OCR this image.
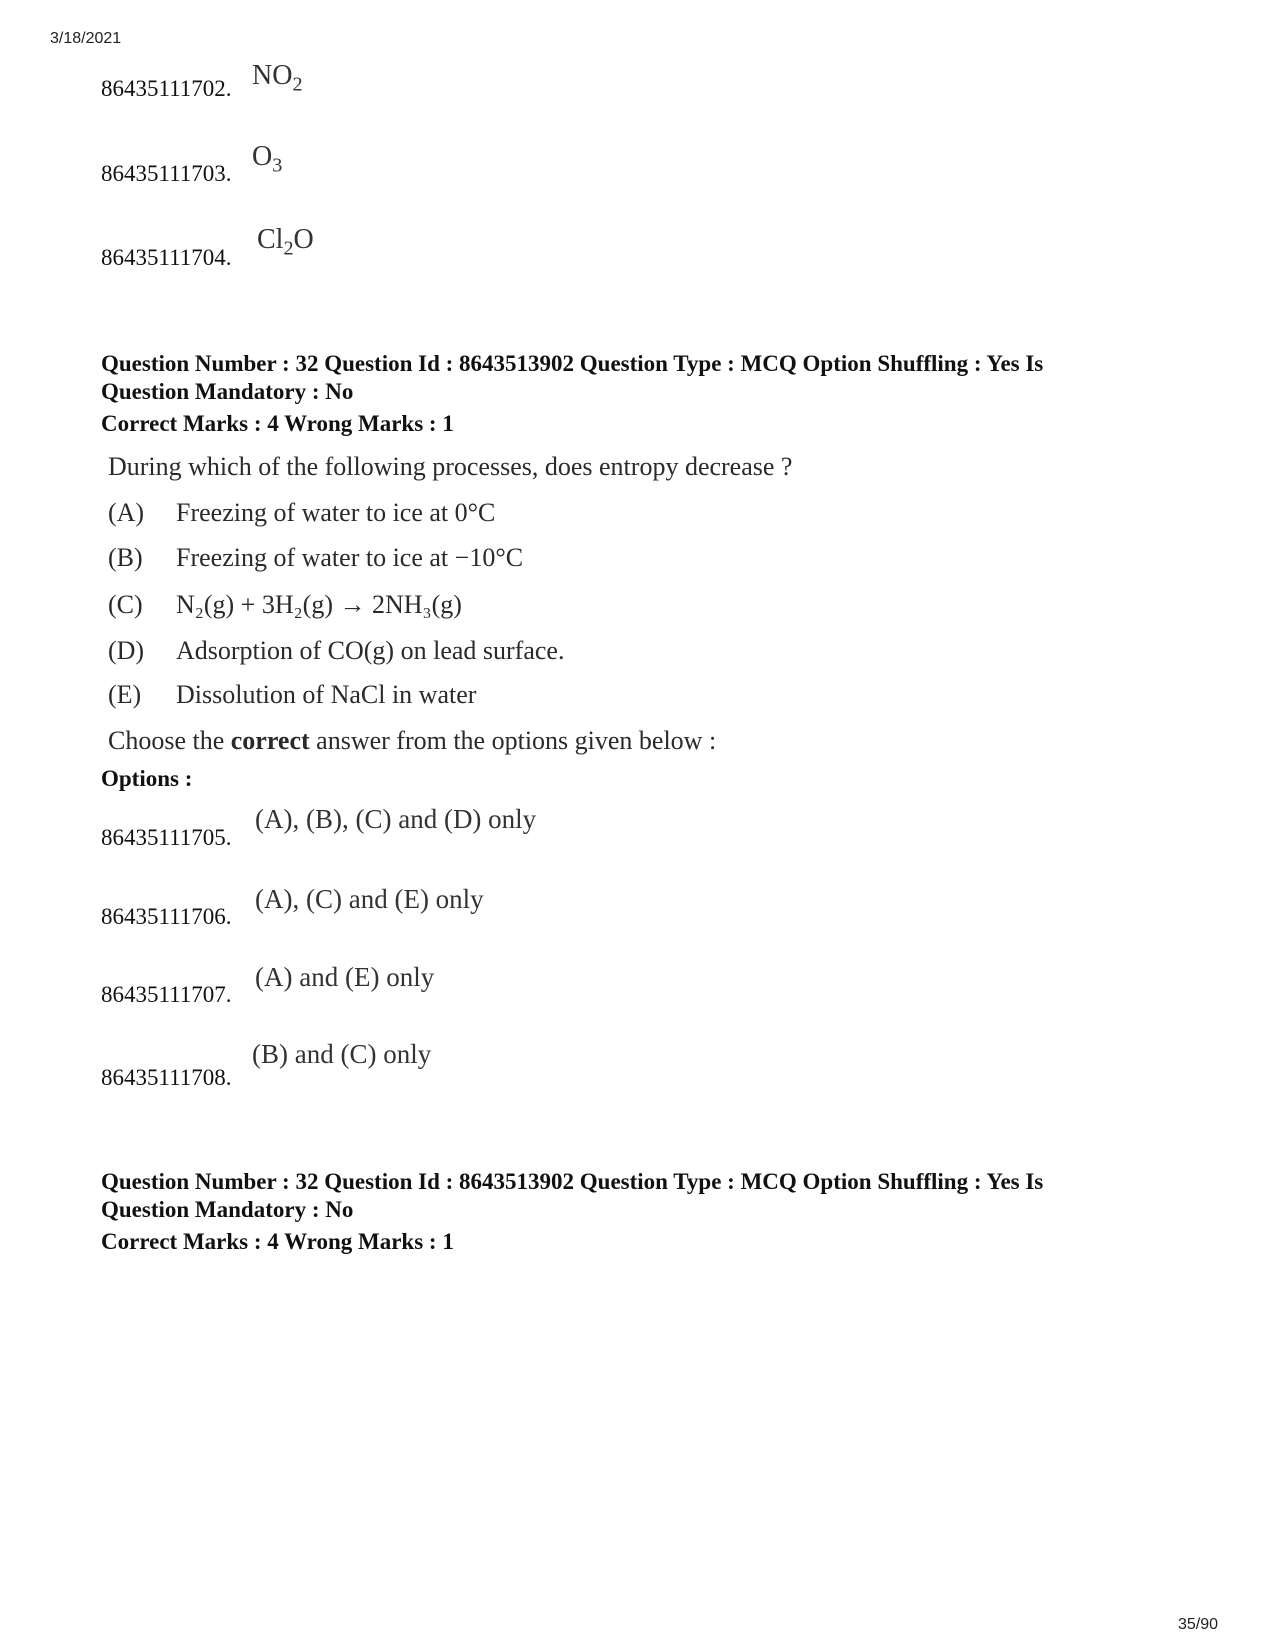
3/18/2021
86435111702. $NO_2$
86435111703.
$O_3$
86435111704.
$Cl_2O$
Question Number : 32 Question Id : 8643513902 Question Type : MCQ Option Shuffling : Yes Is
Question Mandatory : No
Correct Marks : 4 Wrong Marks : 1
During which of the following processes, does entropy decrease ?
(A) Freezing of water to ice at 0°C
(B) Freezing of water to ice at −10°C
(C) N₂(g) + 3H₂(g) → 2NH₃(g)
(D) Adsorption of CO(g) on lead surface.
(E) Dissolution of NaCl in water
Choose the correct answer from the options given below :
Options :
86435111705.
(A), (B), (C) and (D) only
86435111706.
(A), (C) and (E) only
86435111707.
(A) and (E) only
86435111708.
(B) and (C) only
Question Number : 32 Question Id : 8643513902 Question Type : MCQ Option Shuffling : Yes Is
Question Mandatory : No
Correct Marks : 4 Wrong Marks : 1
35/90
